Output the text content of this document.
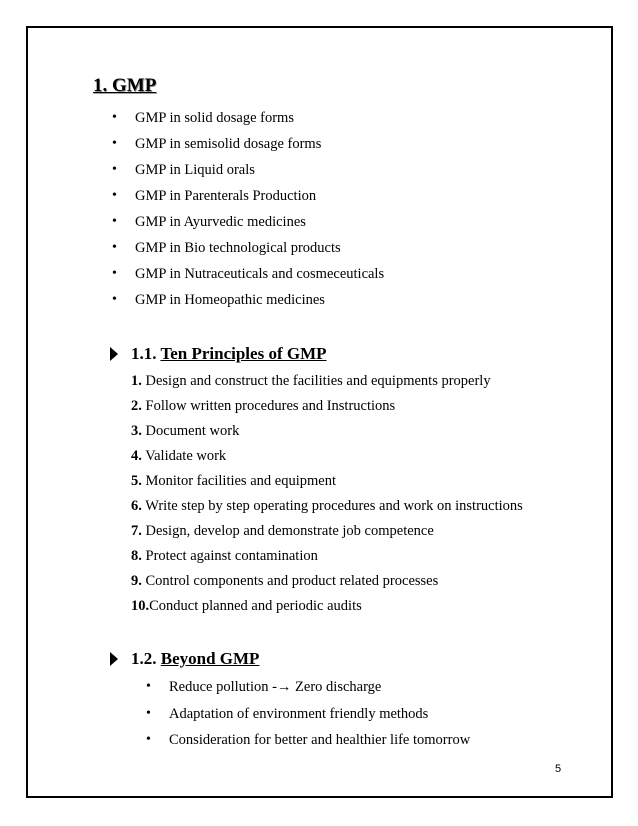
1. GMP
•	GMP in solid dosage forms
•	GMP in semisolid dosage forms
•	GMP in Liquid orals
•	GMP in Parenterals Production
•	GMP in Ayurvedic medicines
•	GMP in Bio technological products
•	GMP in Nutraceuticals and cosmeceuticals
•	GMP in Homeopathic medicines
1.1. Ten Principles of GMP
1. Design and construct the facilities and equipments properly
2. Follow written procedures and Instructions
3. Document work
4. Validate work
5. Monitor facilities and equipment
6. Write step by step operating procedures and work on instructions
7. Design, develop and demonstrate job competence
8. Protect against contamination
9. Control components and product related processes
10.Conduct planned and periodic audits
1.2. Beyond GMP
•	Reduce pollution -→ Zero discharge
•	Adaptation of environment friendly methods
•	Consideration for better and healthier life tomorrow
5
